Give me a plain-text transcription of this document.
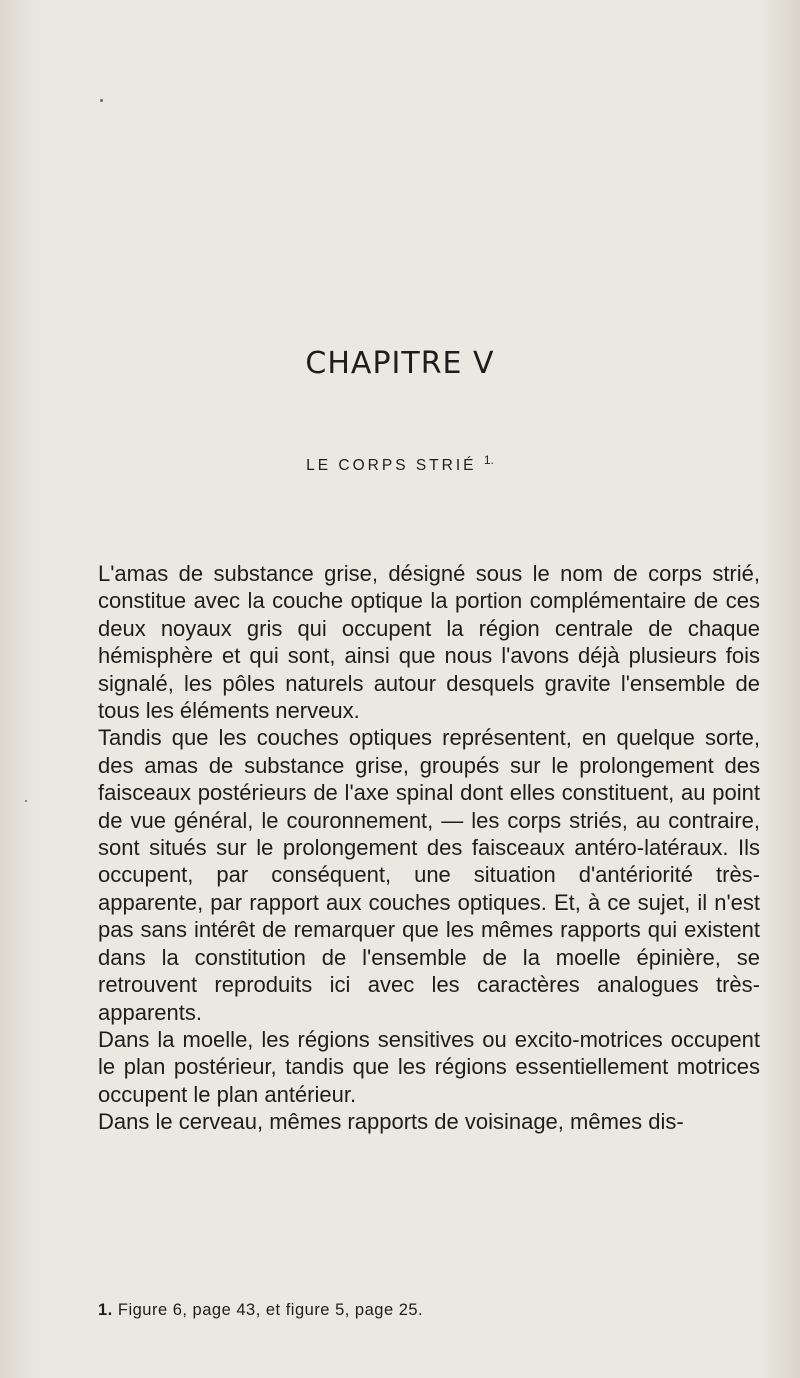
CHAPITRE V
LE CORPS STRIÉ $^{1.}$

L'amas de substance grise, désigné sous le nom de corps strié, constitue avec la couche optique la portion complémentaire de ces deux noyaux gris qui occupent la région centrale de chaque hémisphère et qui sont, ainsi que nous l'avons déjà plusieurs fois signalé, les pôles naturels autour desquels gravite l'ensemble de tous les éléments nerveux.

Tandis que les couches optiques représentent, en quelque sorte, des amas de substance grise, groupés sur le prolongement des faisceaux postérieurs de l'axe spinal dont elles constituent, au point de vue général, le couronnement, — les corps striés, au contraire, sont situés sur le prolongement des faisceaux antéro-latéraux. Ils occupent, par conséquent, une situation d'antériorité très-apparente, par rapport aux couches optiques. Et, à ce sujet, il n'est pas sans intérêt de remarquer que les mêmes rapports qui existent dans la constitution de l'ensemble de la moelle épinière, se retrouvent reproduits ici avec les caractères analogues très-apparents.

Dans la moelle, les régions sensitives ou excito-motrices occupent le plan postérieur, tandis que les régions essentiellement motrices occupent le plan antérieur.

Dans le cerveau, mêmes rapports de voisinage, mêmes dis-

1. Figure 6, page 43, et figure 5, page 25.
